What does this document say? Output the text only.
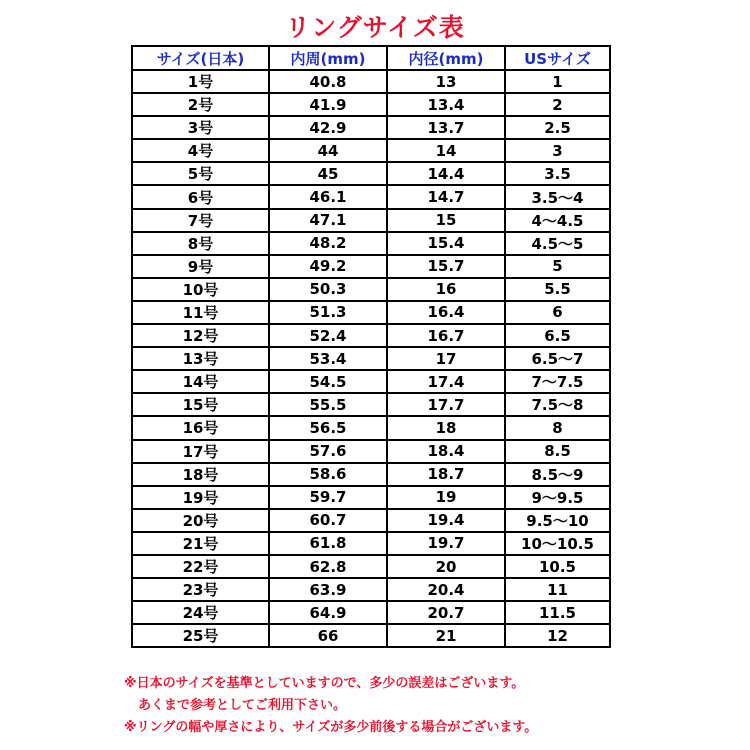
リングサイズ表
サイズ(日本)	内周(mm)	内径(mm)	USサイズ
1号	40.8	13	1
2号	41.9	13.4	2
3号	42.9	13.7	2.5
4号	44	14	3
5号	45	14.4	3.5
6号	46.1	14.7	3.5〜4
7号	47.1	15	4〜4.5
8号	48.2	15.4	4.5〜5
9号	49.2	15.7	5
10号	50.3	16	5.5
11号	51.3	16.4	6
12号	52.4	16.7	6.5
13号	53.4	17	6.5〜7
14号	54.5	17.4	7〜7.5
15号	55.5	17.7	7.5〜8
16号	56.5	18	8
17号	57.6	18.4	8.5
18号	58.6	18.7	8.5〜9
19号	59.7	19	9〜9.5
20号	60.7	19.4	9.5〜10
21号	61.8	19.7	10〜10.5
22号	62.8	20	10.5
23号	63.9	20.4	11
24号	64.9	20.7	11.5
25号	66	21	12
※日本のサイズを基準としていますので、多少の誤差はございます。
あくまで参考としてご利用下さい。
※リングの幅や厚さにより、サイズが多少前後する場合がございます。
